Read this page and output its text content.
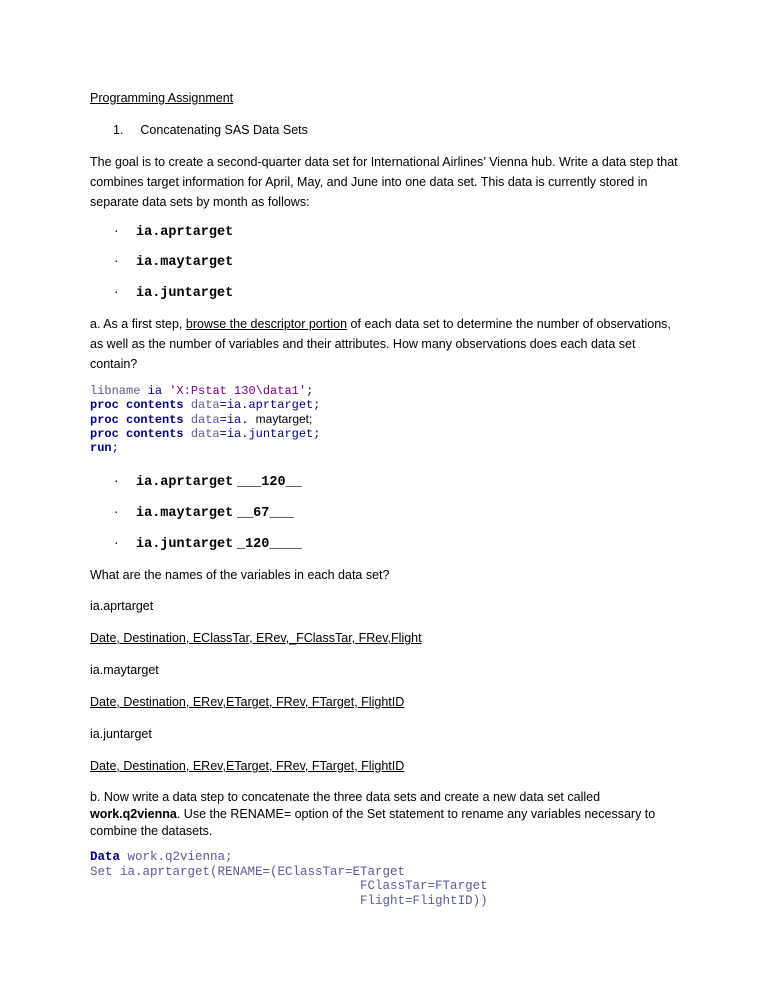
Programming Assignment

1. Concatenating SAS Data Sets

The goal is to create a second-quarter data set for International Airlines’ Vienna hub. Write a data step that combines target information for April, May, and June into one data set. This data is currently stored in separate data sets by month as follows:

· ia.aprtarget
· ia.maytarget
· ia.juntarget

a. As a first step, browse the descriptor portion of each data set to determine the number of observations, as well as the number of variables and their attributes. How many observations does each data set contain?

libname ia 'X:Pstat 130\data1';
proc contents data=ia.aprtarget;
proc contents data=ia. maytarget;
proc contents data=ia.juntarget;
run;
· ia.aprtarget ___120__
· ia.maytarget __67___
· ia.juntarget _120____

What are the names of the variables in each data set?

ia.aprtarget

Date, Destination, EClassTar, ERev,_FClassTar, FRev,Flight

ia.maytarget

Date, Destination, ERev,ETarget, FRev, FTarget, FlightID

ia.juntarget

Date, Destination, ERev,ETarget, FRev, FTarget, FlightID

b. Now write a data step to concatenate the three data sets and create a new data set called work.q2vienna. Use the RENAME= option of the Set statement to rename any variables necessary to combine the datasets.

Data work.q2vienna;
Set ia.aprtarget(RENAME=(EClassTar=ETarget
FClassTar=FTarget
Flight=FlightID))
